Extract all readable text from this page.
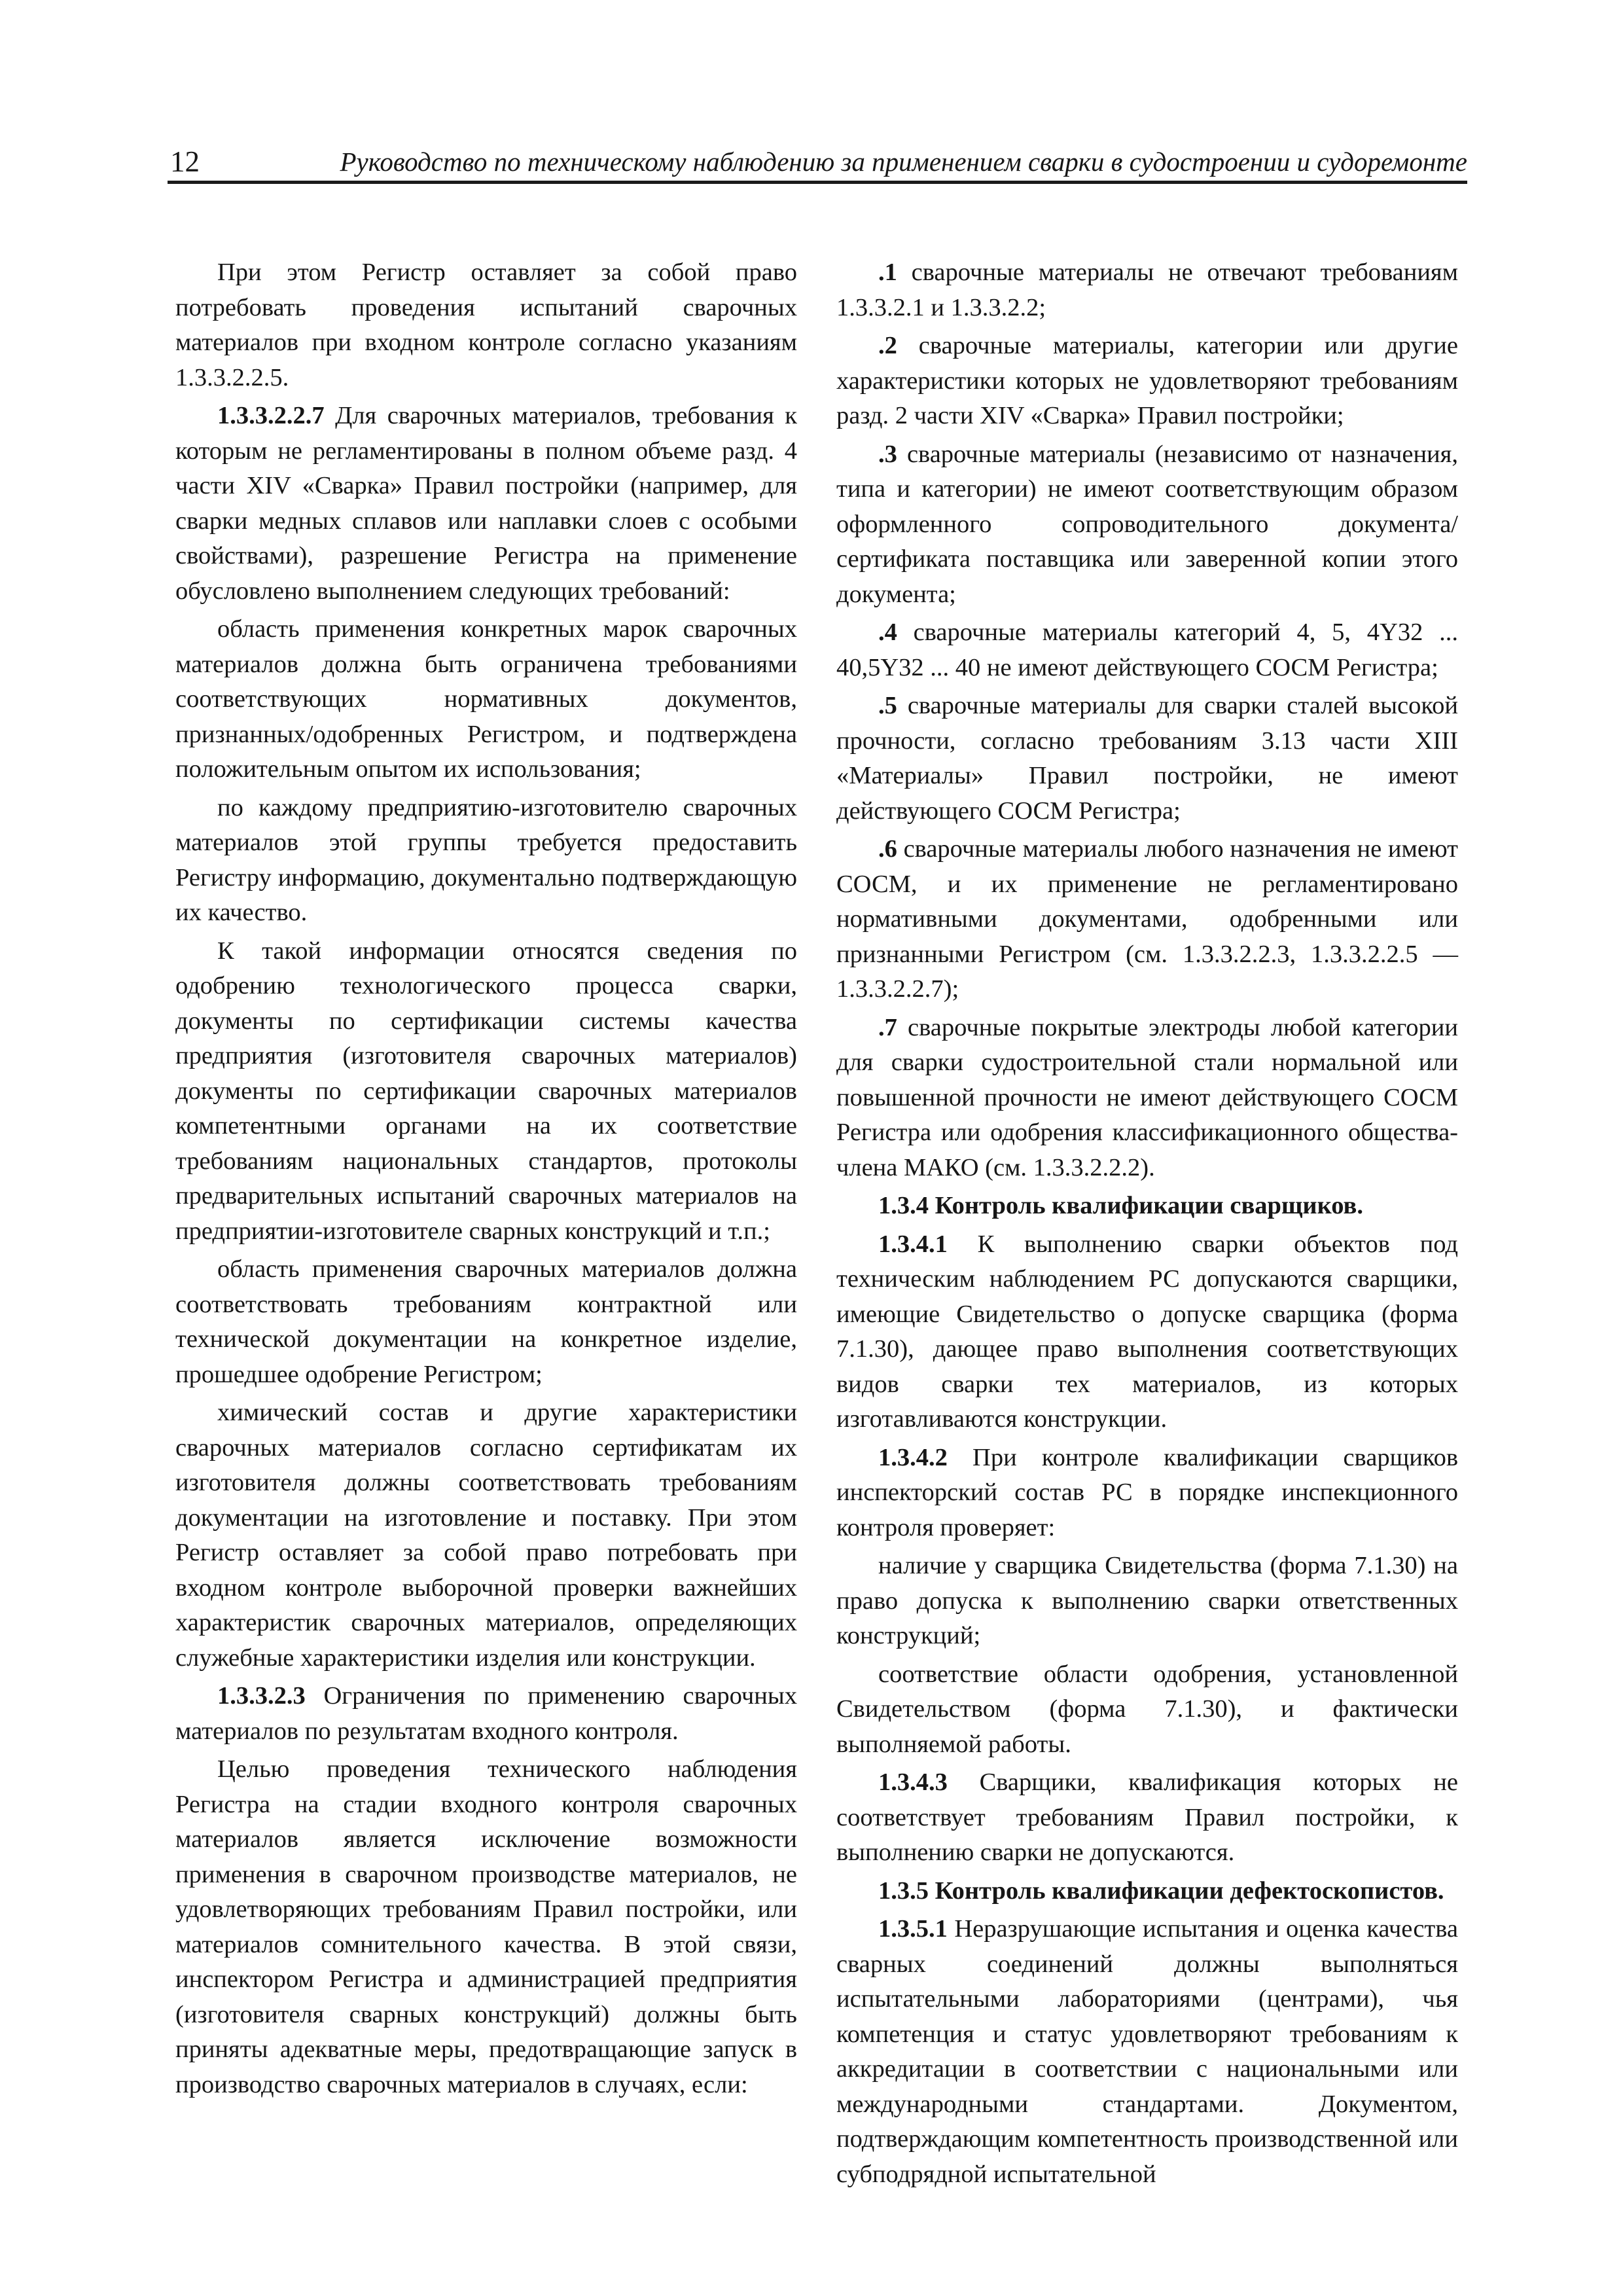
12	Руководство по техническому наблюдению за применением сварки в судостроении и судоремонте

При этом Регистр оставляет за собой право потребовать проведения испытаний сварочных материалов при входном контроле согласно указаниям 1.3.3.2.2.5.

1.3.3.2.2.7 Для сварочных материалов, требования к которым не регламентированы в полном объеме разд. 4 части XIV «Сварка» Правил постройки (например, для сварки медных сплавов или наплавки слоев с особыми свойствами), разрешение Регистра на применение обусловлено выполнением следующих требований:

область применения конкретных марок сварочных материалов должна быть ограничена требованиями соответствующих нормативных документов, признанных/одобренных Регистром, и подтверждена положительным опытом их использования;

по каждому предприятию-изготовителю сварочных материалов этой группы требуется предоставить Регистру информацию, документально подтверждающую их качество.

К такой информации относятся сведения по одобрению технологического процесса сварки, документы по сертификации системы качества предприятия (изготовителя сварочных материалов) документы по сертификации сварочных материалов компетентными органами на их соответствие требованиям национальных стандартов, протоколы предварительных испытаний сварочных материалов на предприятии-изготовителе сварных конструкций и т.п.;

область применения сварочных материалов должна соответствовать требованиям контрактной или технической документации на конкретное изделие, прошедшее одобрение Регистром;

химический состав и другие характеристики сварочных материалов согласно сертификатам их изготовителя должны соответствовать требованиям документации на изготовление и поставку. При этом Регистр оставляет за собой право потребовать при входном контроле выборочной проверки важнейших характеристик сварочных материалов, определяющих служебные характеристики изделия или конструкции.

1.3.3.2.3 Ограничения по применению сварочных материалов по результатам входного контроля.

Целью проведения технического наблюдения Регистра на стадии входного контроля сварочных материалов является исключение возможности применения в сварочном производстве материалов, не удовлетворяющих требованиям Правил постройки, или материалов сомнительного качества. В этой связи, инспектором Регистра и администрацией предприятия (изготовителя сварных конструкций) должны быть приняты адекватные меры, предотвращающие запуск в производство сварочных материалов в случаях, если:

.1 сварочные материалы не отвечают требованиям 1.3.3.2.1 и 1.3.3.2.2;

.2 сварочные материалы, категории или другие характеристики которых не удовлетворяют требованиям разд. 2 части XIV «Сварка» Правил постройки;

.3 сварочные материалы (независимо от назначения, типа и категории) не имеют соответствующим образом оформленного сопроводительного документа/сертификата поставщика или заверенной копии этого документа;

.4 сварочные материалы категорий 4, 5, 4Y32 ... 40,5Y32 ... 40 не имеют действующего СОСМ Регистра;

.5 сварочные материалы для сварки сталей высокой прочности, согласно требованиям 3.13 части XIII «Материалы» Правил постройки, не имеют действующего СОСМ Регистра;

.6 сварочные материалы любого назначения не имеют СОСМ, и их применение не регламентировано нормативными документами, одобренными или признанными Регистром (см. 1.3.3.2.2.3, 1.3.3.2.2.5 — 1.3.3.2.2.7);

.7 сварочные покрытые электроды любой категории для сварки судостроительной стали нормальной или повышенной прочности не имеют действующего СОСМ Регистра или одобрения классификационного общества-члена МАКО (см. 1.3.3.2.2.2).

1.3.4 Контроль квалификации сварщиков.

1.3.4.1 К выполнению сварки объектов под техническим наблюдением РС допускаются сварщики, имеющие Свидетельство о допуске сварщика (форма 7.1.30), дающее право выполнения соответствующих видов сварки тех материалов, из которых изготавливаются конструкции.

1.3.4.2 При контроле квалификации сварщиков инспекторский состав РС в порядке инспекционного контроля проверяет:

наличие у сварщика Свидетельства (форма 7.1.30) на право допуска к выполнению сварки ответственных конструкций;

соответствие области одобрения, установленной Свидетельством (форма 7.1.30), и фактически выполняемой работы.

1.3.4.3 Сварщики, квалификация которых не соответствует требованиям Правил постройки, к выполнению сварки не допускаются.

1.3.5 Контроль квалификации дефектоскопистов.

1.3.5.1 Неразрушающие испытания и оценка качества сварных соединений должны выполняться испытательными лабораториями (центрами), чья компетенция и статус удовлетворяют требованиям к аккредитации в соответствии с национальными или международными стандартами. Документом, подтверждающим компетентность производственной или субподрядной испытательной
